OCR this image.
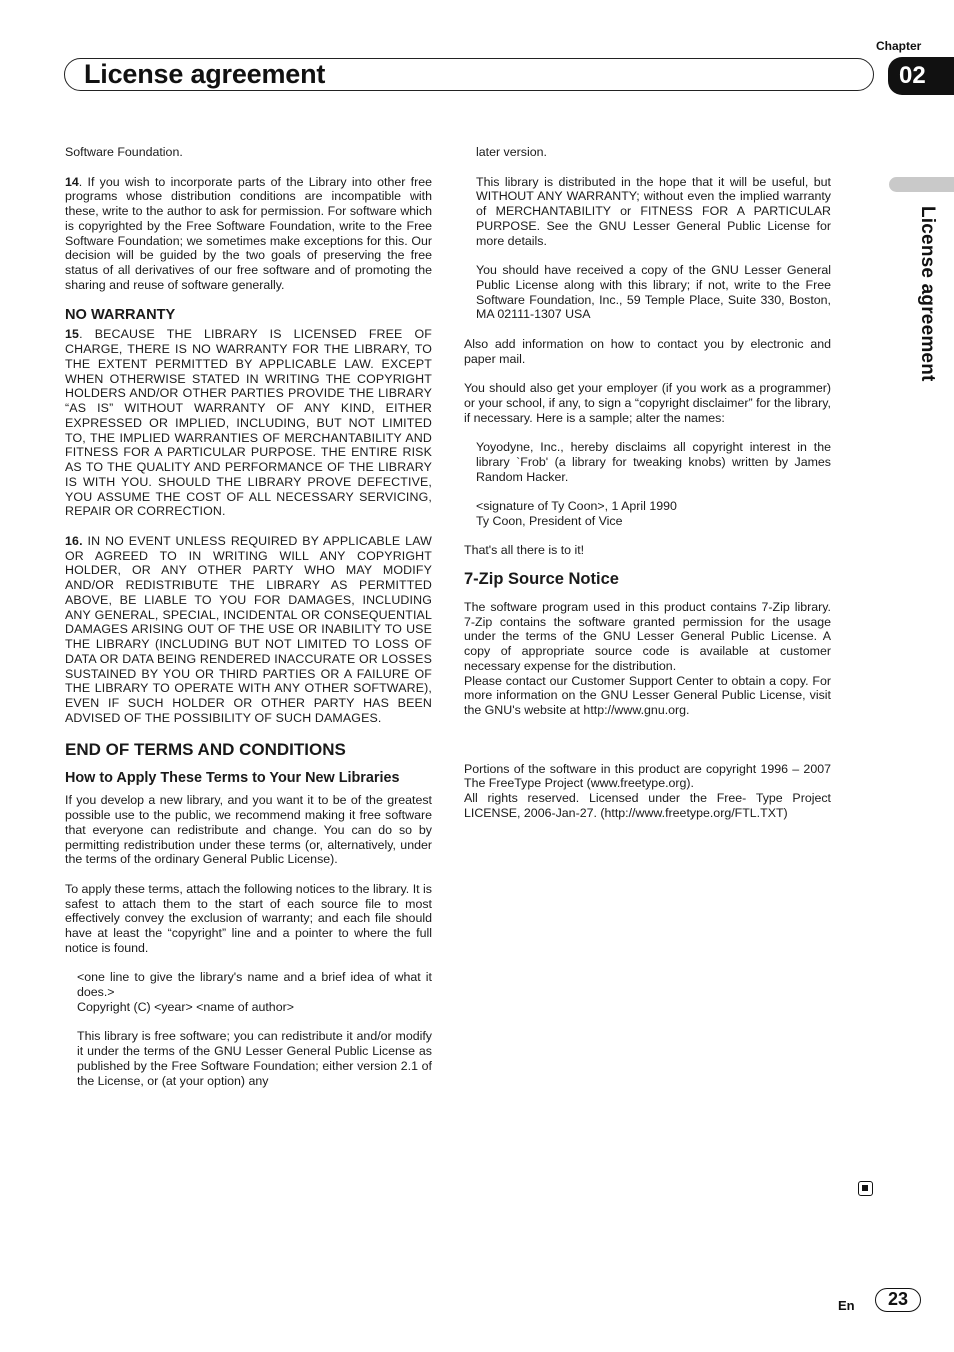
License agreement
Chapter
02
License agreement

Software Foundation.

14. If you wish to incorporate parts of the Library into other free programs whose distribution conditions are incompatible with these, write to the author to ask for permission. For software which is copyrighted by the Free Software Foundation, write to the Free Software Foundation; we sometimes make exceptions for this. Our decision will be guided by the two goals of preserving the free status of all derivatives of our free software and of promoting the sharing and reuse of software generally.

NO WARRANTY

15. BECAUSE THE LIBRARY IS LICENSED FREE OF CHARGE, THERE IS NO WARRANTY FOR THE LIBRARY, TO THE EXTENT PERMITTED BY APPLICABLE LAW. EXCEPT WHEN OTHERWISE STATED IN WRITING THE COPYRIGHT HOLDERS AND/OR OTHER PARTIES PROVIDE THE LIBRARY “AS IS” WITHOUT WARRANTY OF ANY KIND, EITHER EXPRESSED OR IMPLIED, INCLUDING, BUT NOT LIMITED TO, THE IMPLIED WARRANTIES OF MERCHANTABILITY AND FITNESS FOR A PARTICULAR PURPOSE. THE ENTIRE RISK AS TO THE QUALITY AND PERFORMANCE OF THE LIBRARY IS WITH YOU. SHOULD THE LIBRARY PROVE DEFECTIVE, YOU ASSUME THE COST OF ALL NECESSARY SERVICING, REPAIR OR CORRECTION.

16. IN NO EVENT UNLESS REQUIRED BY APPLICABLE LAW OR AGREED TO IN WRITING WILL ANY COPYRIGHT HOLDER, OR ANY OTHER PARTY WHO MAY MODIFY AND/OR REDISTRIBUTE THE LIBRARY AS PERMITTED ABOVE, BE LIABLE TO YOU FOR DAMAGES, INCLUDING ANY GENERAL, SPECIAL, INCIDENTAL OR CONSEQUENTIAL DAMAGES ARISING OUT OF THE USE OR INABILITY TO USE THE LIBRARY (INCLUDING BUT NOT LIMITED TO LOSS OF DATA OR DATA BEING RENDERED INACCURATE OR LOSSES SUSTAINED BY YOU OR THIRD PARTIES OR A FAILURE OF THE LIBRARY TO OPERATE WITH ANY OTHER SOFTWARE), EVEN IF SUCH HOLDER OR OTHER PARTY HAS BEEN ADVISED OF THE POSSIBILITY OF SUCH DAMAGES.

END OF TERMS AND CONDITIONS
How to Apply These Terms to Your New Libraries

If you develop a new library, and you want it to be of the greatest possible use to the public, we recommend making it free software that everyone can redistribute and change. You can do so by permitting redistribution under these terms (or, alternatively, under the terms of the ordinary General Public License).

To apply these terms, attach the following notices to the library. It is safest to attach them to the start of each source file to most effectively convey the exclusion of warranty; and each file should have at least the “copyright” line and a pointer to where the full notice is found.

<one line to give the library's name and a brief idea of what it does.>

Copyright (C) <year> <name of author>

This library is free software; you can redistribute it and/or modify it under the terms of the GNU Lesser General Public License as published by the Free Software Foundation; either version 2.1 of the License, or (at your option) any

later version.

This library is distributed in the hope that it will be useful, but WITHOUT ANY WARRANTY; without even the implied warranty of MERCHANTABILITY or FITNESS FOR A PARTICULAR PURPOSE. See the GNU Lesser General Public License for more details.

You should have received a copy of the GNU Lesser General Public License along with this library; if not, write to the Free Software Foundation, Inc., 59 Temple Place, Suite 330, Boston, MA 02111-1307 USA

Also add information on how to contact you by electronic and paper mail.

You should also get your employer (if you work as a programmer) or your school, if any, to sign a “copyright disclaimer” for the library, if necessary. Here is a sample; alter the names:

Yoyodyne, Inc., hereby disclaims all copyright interest in the library `Frob' (a library for tweaking knobs) written by James Random Hacker.

<signature of Ty Coon>, 1 April 1990

Ty Coon, President of Vice

That's all there is to it!

7-Zip Source Notice

The software program used in this product contains 7-Zip library. 7-Zip contains the software granted permission for the usage under the terms of the GNU Lesser General Public License. A copy of appropriate source code is available at customer necessary expense for the distribution.

Please contact our Customer Support Center to obtain a copy. For more information on the GNU Lesser General Public License, visit the GNU's website at http://www.gnu.org.

Portions of the software in this product are copyright 1996 – 2007 The FreeType Project (www.freetype.org).

All rights reserved. Licensed under the Free- Type Project LICENSE, 2006-Jan-27. (http://www.freetype.org/FTL.TXT)

En	23
